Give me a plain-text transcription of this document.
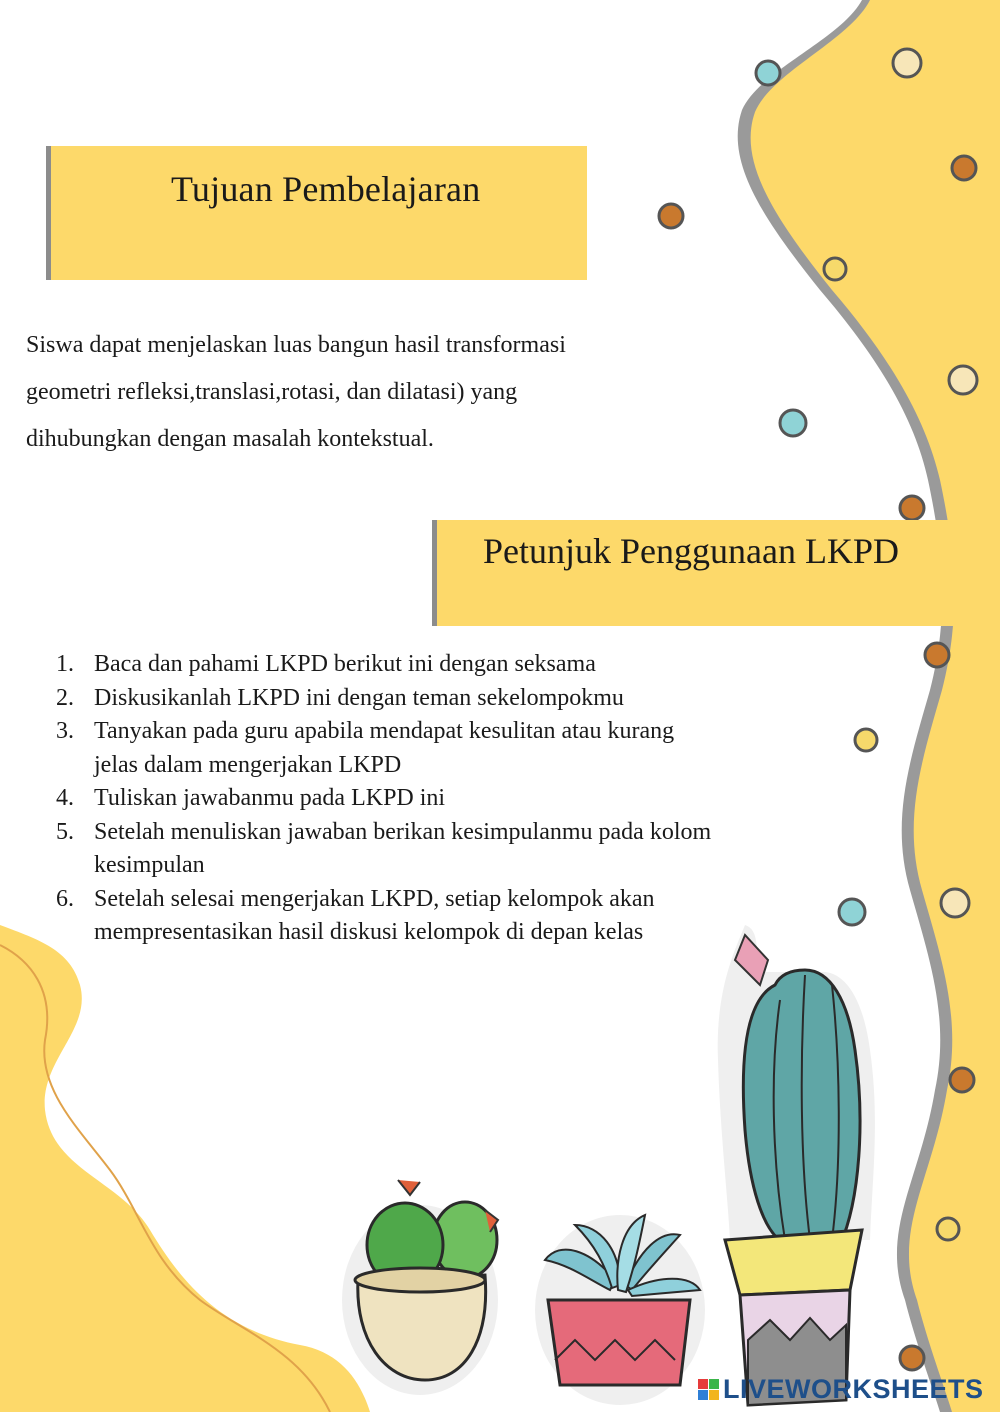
Tujuan Pembelajaran
Siswa dapat menjelaskan luas bangun hasil transformasi
geometri refleksi,translasi,rotasi, dan dilatasi) yang
dihubungkan dengan masalah kontekstual.
Petunjuk Penggunaan LKPD
1. Baca dan pahami LKPD berikut ini dengan seksama
2. Diskusikanlah LKPD ini dengan teman sekelompokmu
3. Tanyakan pada guru apabila mendapat kesulitan atau kurang
jelas dalam mengerjakan LKPD
4. Tuliskan jawabanmu pada LKPD ini
5. Setelah menuliskan jawaban berikan kesimpulanmu pada kolom
kesimpulan
6. Setelah selesai mengerjakan LKPD, setiap kelompok akan
mempresentasikan hasil diskusi kelompok di depan kelas
LIVEWORKSHEETS
